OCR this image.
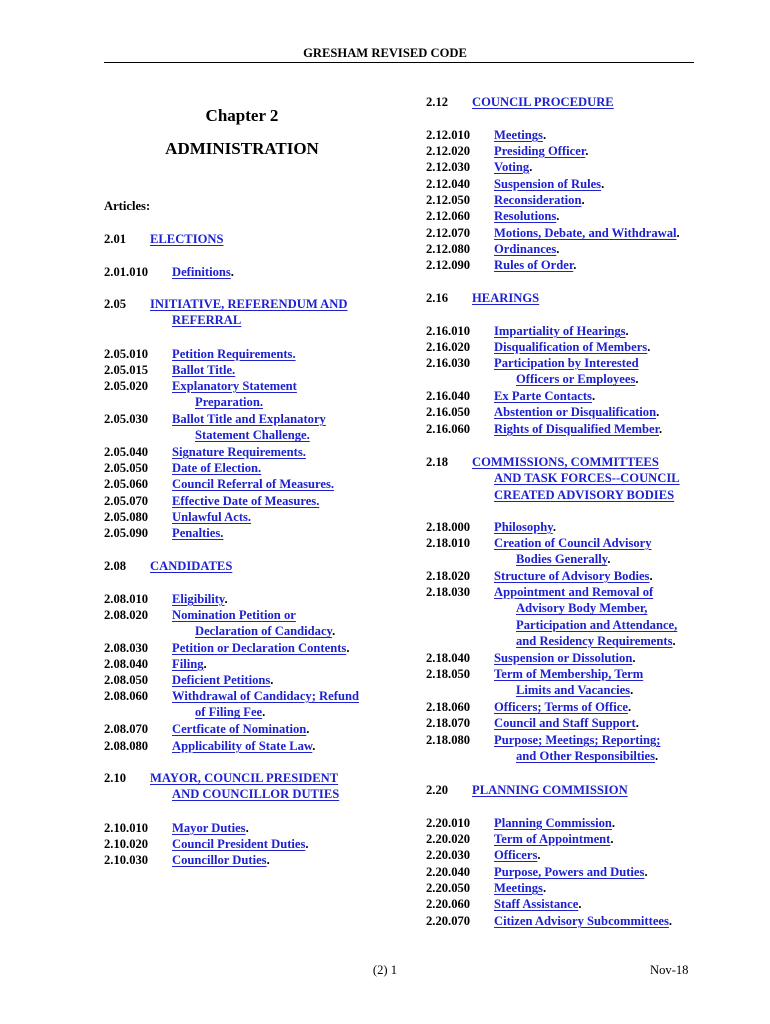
GRESHAM REVISED CODE
Chapter 2
ADMINISTRATION
Articles:
2.01 ELECTIONS
2.01.010 Definitions.
2.05 INITIATIVE, REFERENDUM AND
REFERRAL
2.05.010 Petition Requirements.
2.05.015 Ballot Title.
2.05.020 Explanatory Statement
Preparation.
2.05.030 Ballot Title and Explanatory
Statement Challenge.
2.05.040 Signature Requirements.
2.05.050 Date of Election.
2.05.060 Council Referral of Measures.
2.05.070 Effective Date of Measures.
2.05.080 Unlawful Acts.
2.05.090 Penalties.
2.08 CANDIDATES
2.08.010 Eligibility.
2.08.020 Nomination Petition or
Declaration of Candidacy.
2.08.030 Petition or Declaration Contents.
2.08.040 Filing.
2.08.050 Deficient Petitions.
2.08.060 Withdrawal of Candidacy; Refund
of Filing Fee.
2.08.070 Certficate of Nomination.
2.08.080 Applicability of State Law.
2.10 MAYOR, COUNCIL PRESIDENT
AND COUNCILLOR DUTIES
2.10.010 Mayor Duties.
2.10.020 Council President Duties.
2.10.030 Councillor Duties.
2.12 COUNCIL PROCEDURE
2.12.010 Meetings.
2.12.020 Presiding Officer.
2.12.030 Voting.
2.12.040 Suspension of Rules.
2.12.050 Reconsideration.
2.12.060 Resolutions.
2.12.070 Motions, Debate, and Withdrawal.
2.12.080 Ordinances.
2.12.090 Rules of Order.
2.16 HEARINGS
2.16.010 Impartiality of Hearings.
2.16.020 Disqualification of Members.
2.16.030 Participation by Interested
Officers or Employees.
2.16.040 Ex Parte Contacts.
2.16.050 Abstention or Disqualification.
2.16.060 Rights of Disqualified Member.
2.18 COMMISSIONS, COMMITTEES
AND TASK FORCES--COUNCIL
CREATED ADVISORY BODIES
2.18.000 Philosophy.
2.18.010 Creation of Council Advisory
Bodies Generally.
2.18.020 Structure of Advisory Bodies.
2.18.030 Appointment and Removal of
Advisory Body Member,
Participation and Attendance,
and Residency Requirements.
2.18.040 Suspension or Dissolution.
2.18.050 Term of Membership, Term
Limits and Vacancies.
2.18.060 Officers; Terms of Office.
2.18.070 Council and Staff Support.
2.18.080 Purpose; Meetings; Reporting;
and Other Responsibilties.
2.20 PLANNING COMMISSION
2.20.010 Planning Commission.
2.20.020 Term of Appointment.
2.20.030 Officers.
2.20.040 Purpose, Powers and Duties.
2.20.050 Meetings.
2.20.060 Staff Assistance.
2.20.070 Citizen Advisory Subcommittees.
(2) 1	Nov-18
